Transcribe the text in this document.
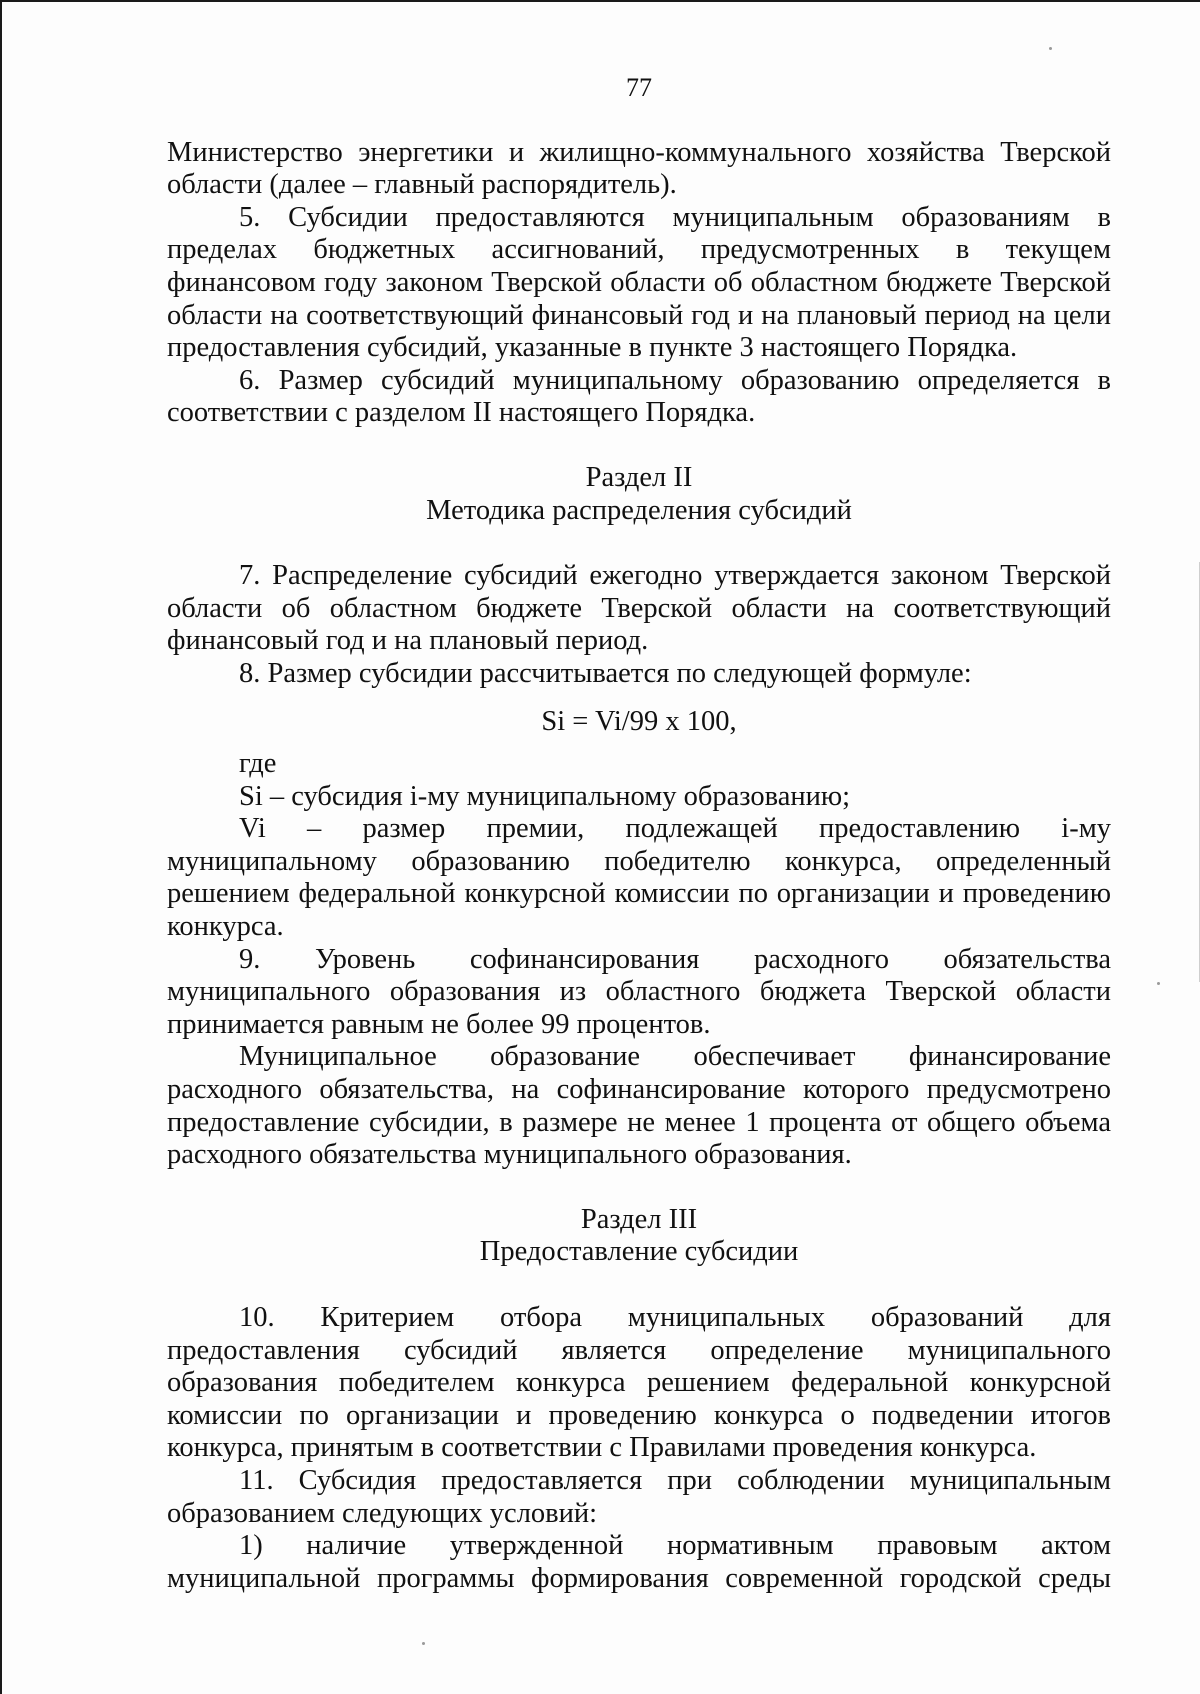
77

Министерство энергетики и жилищно-коммунального хозяйства Тверской

области (далее – главный распорядитель).

5. Субсидии предоставляются муниципальным образованиям в пределах бюджетных ассигнований, предусмотренных в текущем финансовом году законом Тверской области об областном бюджете Тверской области на соответствующий финансовый год и на плановый период на цели предоставления субсидий, указанные в пункте 3 настоящего Порядка.

6. Размер субсидий муниципальному образованию определяется в соответствии с разделом II настоящего Порядка.

Раздел II
Методика распределения субсидий

7. Распределение субсидий ежегодно утверждается законом Тверской области об областном бюджете Тверской области на соответствующий финансовый год и на плановый период.

8. Размер субсидии рассчитывается по следующей формуле:

Si = Vi/99 x 100,

где

Si – субсидия i-му муниципальному образованию;

Vi – размер премии, подлежащей предоставлению i-му муниципальному образованию победителю конкурса, определенный решением федеральной конкурсной комиссии по организации и проведению конкурса.

9. Уровень софинансирования расходного обязательства

муниципального образования из областного бюджета Тверской области принимается равным не более 99 процентов.

Муниципальное образование обеспечивает финансирование расходного обязательства, на софинансирование которого предусмотрено предоставление субсидии, в размере не менее 1 процента от общего объема расходного обязательства муниципального образования.

Раздел III
Предоставление субсидии

10. Критерием отбора муниципальных образований для предоставления субсидий является определение муниципального образования победителем конкурса решением федеральной конкурсной комиссии по организации и проведению конкурса о подведении итогов конкурса, принятым в соответствии с Правилами проведения конкурса.

11. Субсидия предоставляется при соблюдении муниципальным образованием следующих условий:

1) наличие утвержденной нормативным правовым актом

муниципальной программы формирования современной городской среды
